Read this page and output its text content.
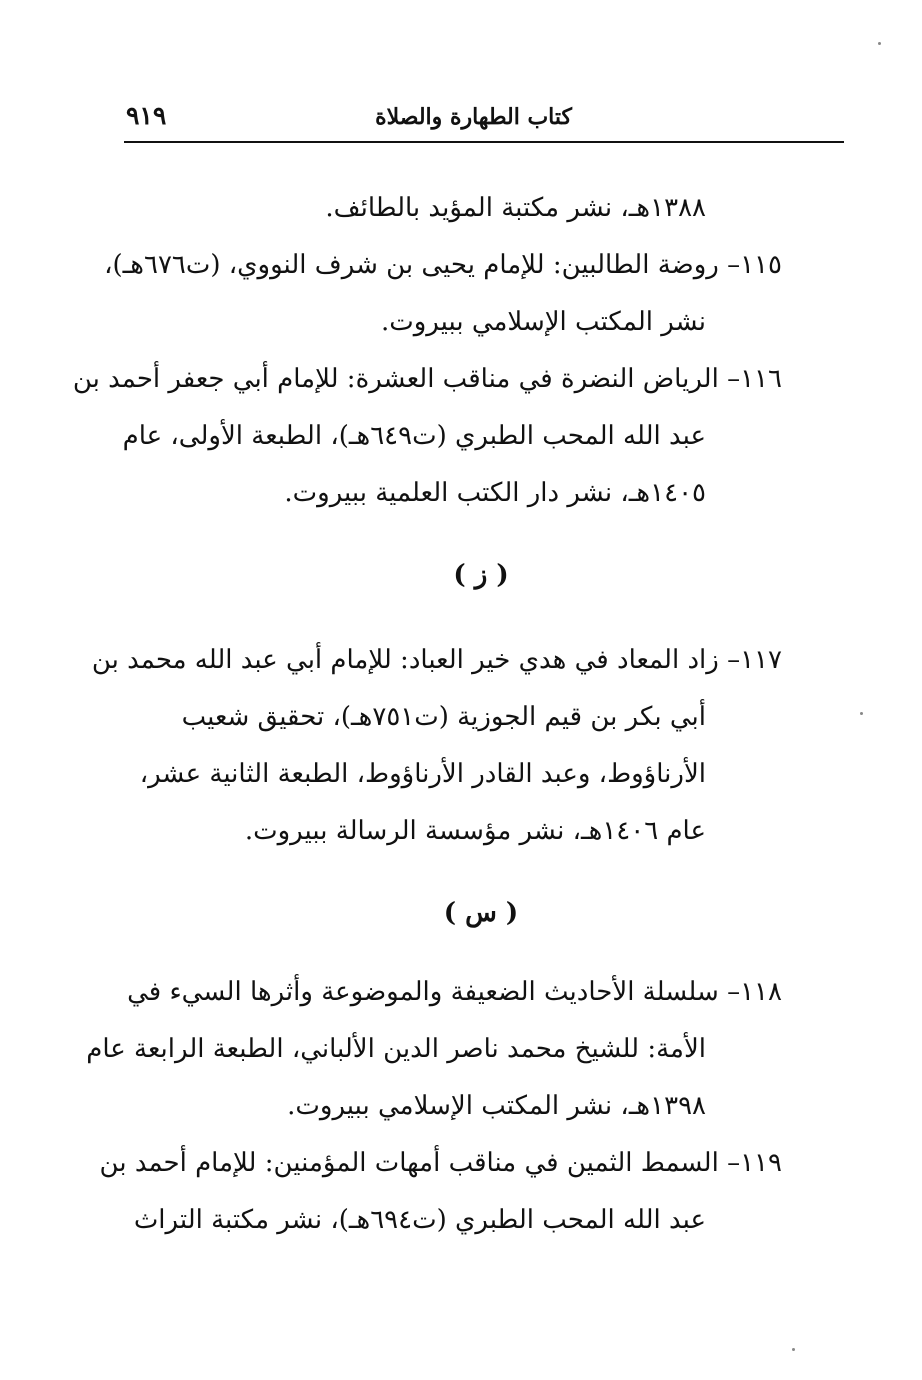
كتاب الطهارة والصلاة
٩١٩
١٣٨٨هـ، نشر مكتبة المؤيد بالطائف.
١١٥– روضة الطالبين: للإمام يحيى بن شرف النووي، (ت٦٧٦هـ)،
نشر المكتب الإسلامي ببيروت.
١١٦– الرياض النضرة في مناقب العشرة: للإمام أبي جعفر أحمد بن
عبد الله المحب الطبري (ت٦٤٩هـ)، الطبعة الأولى، عام
١٤٠٥هـ، نشر دار الكتب العلمية ببيروت.
( ز )
١١٧– زاد المعاد في هدي خير العباد: للإمام أبي عبد الله محمد بن
أبي بكر بن قيم الجوزية (ت٧٥١هـ)، تحقيق شعيب
الأرناؤوط، وعبد القادر الأرناؤوط، الطبعة الثانية عشر،
عام ١٤٠٦هـ، نشر مؤسسة الرسالة ببيروت.
( س )
١١٨– سلسلة الأحاديث الضعيفة والموضوعة وأثرها السيء في
الأمة: للشيخ محمد ناصر الدين الألباني، الطبعة الرابعة عام
١٣٩٨هـ، نشر المكتب الإسلامي ببيروت.
١١٩– السمط الثمين في مناقب أمهات المؤمنين: للإمام أحمد بن
عبد الله المحب الطبري (ت٦٩٤هـ)، نشر مكتبة التراث
